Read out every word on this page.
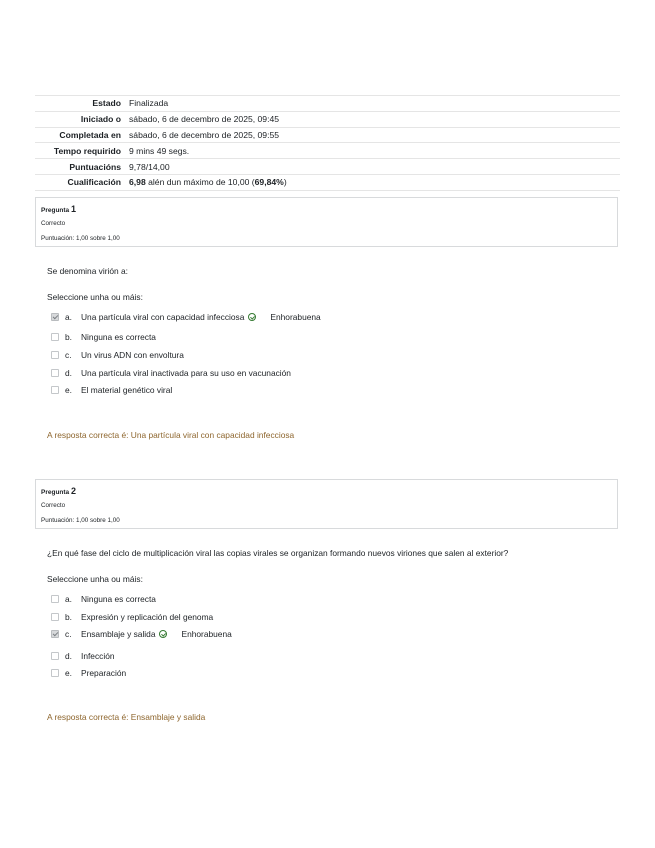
Estado	Finalizada
Iniciado o	sábado, 6 de decembro de 2025, 09:45
Completada en	sábado, 6 de decembro de 2025, 09:55
Tempo requirido	9 mins 49 segs.
Puntuacións	9,78/14,00
Cualificación	6,98 alén dun máximo de 10,00 (69,84%)
Pregunta 1
Correcto
Puntuación: 1,00 sobre 1,00
Se denomina virión a:
Seleccione unha ou máis:
a.	Una partícula viral con capacidad infecciosa	Enhorabuena
b.	Ninguna es correcta
c.	Un virus ADN con envoltura
d.	Una partícula viral inactivada para su uso en vacunación
e.	El material genético viral
A resposta correcta é: Una partícula viral con capacidad infecciosa
Pregunta 2
Correcto
Puntuación: 1,00 sobre 1,00
¿En qué fase del ciclo de multiplicación viral las copias virales se organizan formando nuevos viriones que salen al exterior?
Seleccione unha ou máis:
a.	Ninguna es correcta
b.	Expresión y replicación del genoma
c.	Ensamblaje y salida	Enhorabuena
d.	Infección
e.	Preparación
A resposta correcta é: Ensamblaje y salida
